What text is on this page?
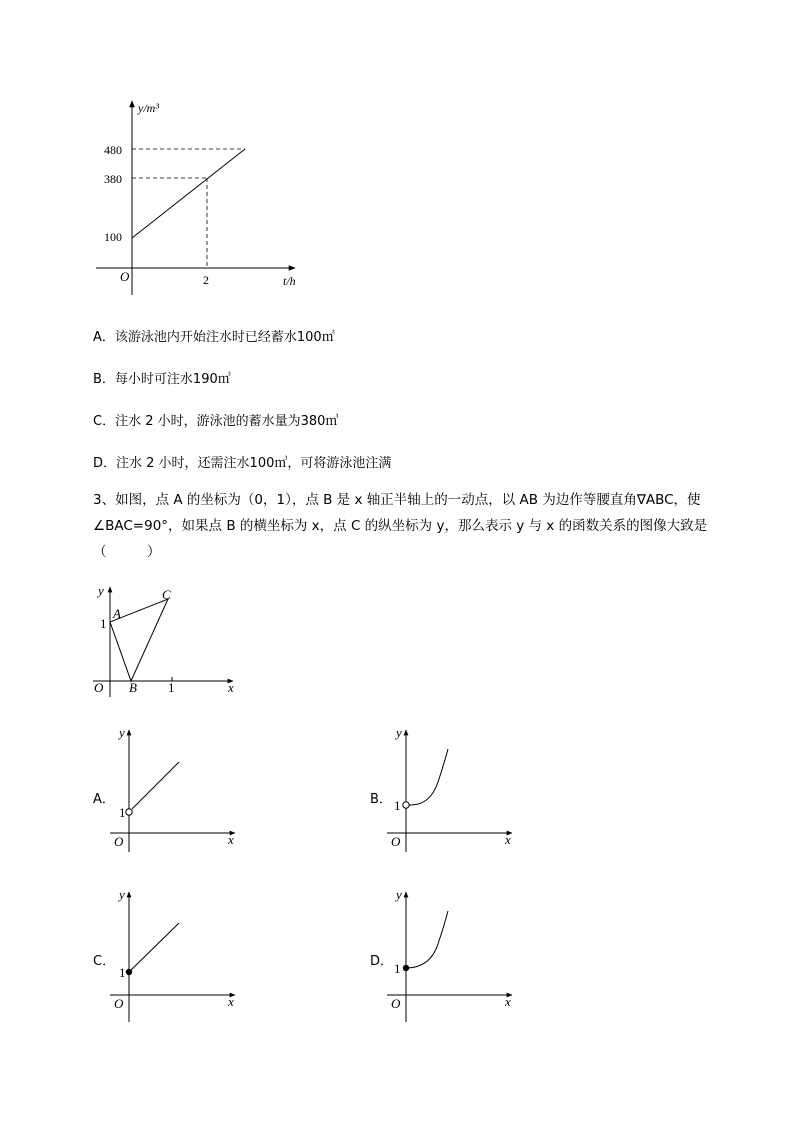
y/m³
480
380
100
O	2	t/h
A．该游泳池内开始注水时已经蓄水100㎥
B．每小时可注水190㎥
C．注水 2 小时，游泳池的蓄水量为380㎥
D．注水 2 小时，还需注水100㎥，可将游泳池注满
3、如图，点 A 的坐标为（0，1），点 B 是 x 轴正半轴上的一动点，以 AB 为边作等腰直角∇ABC，使
∠BAC=90°，如果点 B 的横坐标为 x，点 C 的纵坐标为 y，那么表示 y 与 x 的函数关系的图像大致是
（　　　）
y
A
C
1
O B 1	x
A．
y
1
O	x
B．
y
1
O	x
C．
y
1
O	x
D．
y
1
O	x
